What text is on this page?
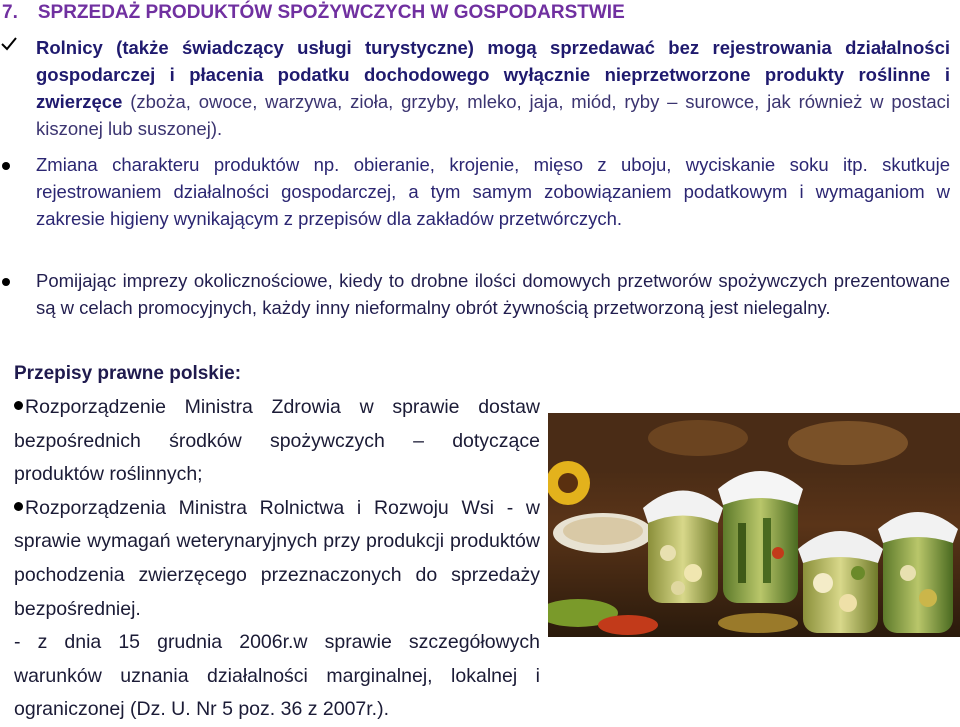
7. SPRZEDAŻ PRODUKTÓW SPOŻYWCZYCH W GOSPODARSTWIE
Rolnicy (także świadczący usługi turystyczne) mogą sprzedawać bez rejestrowania działalności gospodarczej i płacenia podatku dochodowego wyłącznie nieprzetworzone produkty roślinne i zwierzęce (zboża, owoce, warzywa, zioła, grzyby, mleko, jaja, miód, ryby – surowce, jak również w postaci kiszonej lub suszonej).
Zmiana charakteru produktów np. obieranie, krojenie, mięso z uboju, wyciskanie soku itp. skutkuje rejestrowaniem działalności gospodarczej, a tym samym zobowiązaniem podatkowym i wymaganiom w zakresie higieny wynikającym z przepisów dla zakładów przetwórczych.
Pomijając imprezy okolicznościowe, kiedy to drobne ilości domowych przetworów spożywczych prezentowane są w celach promocyjnych, każdy inny nieformalny obrót żywnością przetworzoną jest nielegalny.
Przepisy prawne polskie:

Rozporządzenie Ministra Zdrowia w sprawie dostaw bezpośrednich środków spożywczych – dotyczące produktów roślinnych;

Rozporządzenia Ministra Rolnictwa i Rozwoju Wsi - w sprawie wymagań weterynaryjnych przy produkcji produktów pochodzenia zwierzęcego przeznaczonych do sprzedaży bezpośredniej.

- z dnia 15 grudnia 2006r.w sprawie szczegółowych warunków uznania działalności marginalnej, lokalnej i ograniczonej (Dz. U. Nr 5 poz. 36 z 2007r.).
